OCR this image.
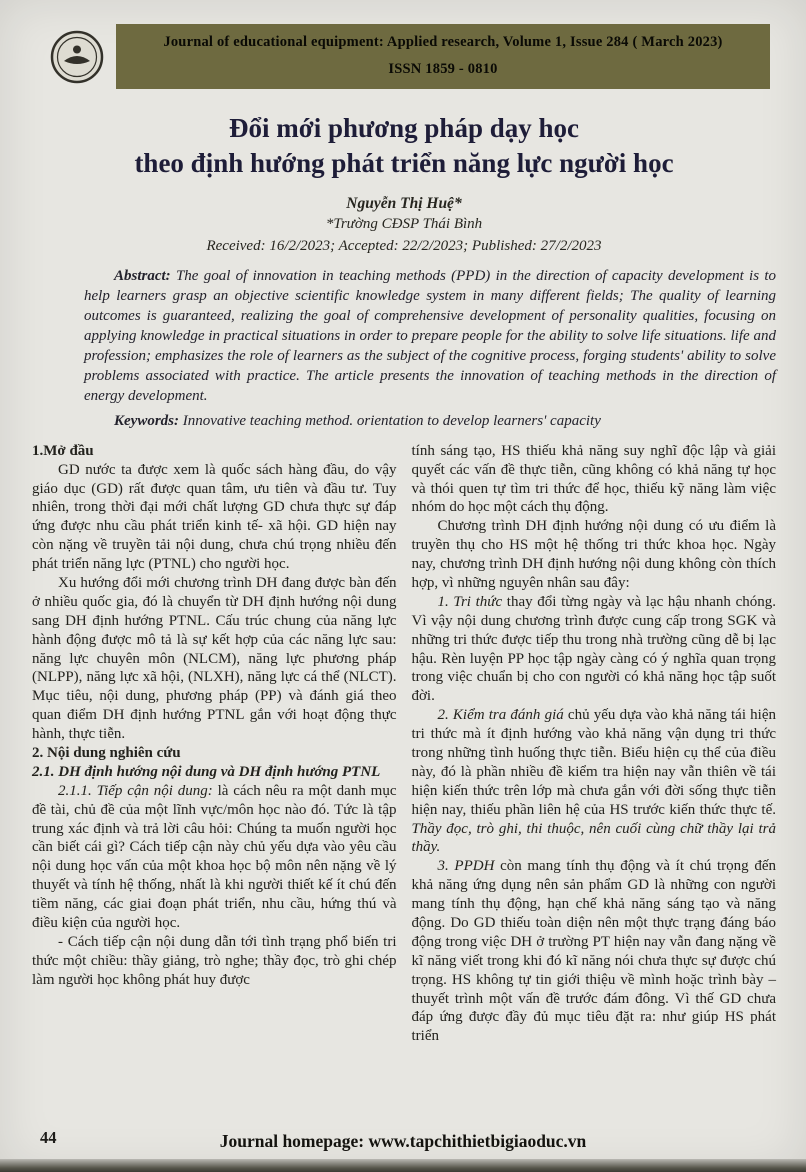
Journal of educational equipment: Applied research, Volume 1, Issue 284 ( March 2023)
ISSN 1859 - 0810
Đổi mới phương pháp dạy học
theo định hướng phát triển năng lực người học
Nguyễn Thị Huệ*
*Trường CĐSP Thái Bình
Received: 16/2/2023; Accepted: 22/2/2023; Published: 27/2/2023
Abstract: The goal of innovation in teaching methods (PPD) in the direction of capacity development is to help learners grasp an objective scientific knowledge system in many different fields; The quality of learning outcomes is guaranteed, realizing the goal of comprehensive development of personality qualities, focusing on applying knowledge in practical situations in order to prepare people for the ability to solve life situations. life and profession; emphasizes the role of learners as the subject of the cognitive process, forging students' ability to solve problems associated with practice. The article presents the innovation of teaching methods in the direction of energy development.
Keywords: Innovative teaching method. orientation to develop learners' capacity

1.Mở đầu

GD nước ta được xem là quốc sách hàng đầu, do vậy giáo dục (GD) rất được quan tâm, ưu tiên và đầu tư. Tuy nhiên, trong thời đại mới chất lượng GD chưa thực sự đáp ứng được nhu cầu phát triển kinh tế- xã hội. GD hiện nay còn nặng về truyền tải nội dung, chưa chú trọng nhiều đến phát triển năng lực (PTNL) cho người học.

Xu hướng đổi mới chương trình DH đang được bàn đến ở nhiều quốc gia, đó là chuyển từ DH định hướng nội dung sang DH định hướng PTNL. Cấu trúc chung của năng lực hành động được mô tả là sự kết hợp của các năng lực sau: năng lực chuyên môn (NLCM), năng lực phương pháp (NLPP), năng lực xã hội, (NLXH), năng lực cá thể (NLCT). Mục tiêu, nội dung, phương pháp (PP) và đánh giá theo quan điểm DH định hướng PTNL gắn với hoạt động thực hành, thực tiễn.

2. Nội dung nghiên cứu

2.1. DH định hướng nội dung và DH định hướng PTNL

2.1.1. Tiếp cận nội dung: là cách nêu ra một danh mục đề tài, chủ đề của một lĩnh vực/môn học nào đó. Tức là tập trung xác định và trả lời câu hỏi: Chúng ta muốn người học cần biết cái gì? Cách tiếp cận này chủ yếu dựa vào yêu cầu nội dung học vấn của một khoa học bộ môn nên nặng về lý thuyết và tính hệ thống, nhất là khi người thiết kế ít chú đến tiềm năng, các giai đoạn phát triển, nhu cầu, hứng thú và điều kiện của người học.

- Cách tiếp cận nội dung dẫn tới tình trạng phổ biến tri thức một chiều: thầy giảng, trò nghe; thầy đọc, trò ghi chép làm người học không phát huy được

tính sáng tạo, HS thiếu khả năng suy nghĩ độc lập và giải quyết các vấn đề thực tiễn, cũng không có khả năng tự học và thói quen tự tìm tri thức để học, thiếu kỹ năng làm việc nhóm do học một cách thụ động.

Chương trình DH định hướng nội dung có ưu điểm là truyền thụ cho HS một hệ thống tri thức khoa học. Ngày nay, chương trình DH định hướng nội dung không còn thích hợp, vì những nguyên nhân sau đây:

1. Tri thức thay đổi từng ngày và lạc hậu nhanh chóng. Vì vậy nội dung chương trình được cung cấp trong SGK và những tri thức được tiếp thu trong nhà trường cũng dễ bị lạc hậu. Rèn luyện PP học tập ngày càng có ý nghĩa quan trọng trong việc chuẩn bị cho con người có khả năng học tập suốt đời.

2. Kiểm tra đánh giá chủ yếu dựa vào khả năng tái hiện tri thức mà ít định hướng vào khả năng vận dụng tri thức trong những tình huống thực tiễn. Biểu hiện cụ thể của điều này, đó là phần nhiều đề kiểm tra hiện nay vẫn thiên về tái hiện kiến thức trên lớp mà chưa gắn với đời sống thực tiễn hiện nay, thiếu phần liên hệ của HS trước kiến thức thực tế. Thầy đọc, trò ghi, thi thuộc, nên cuối cùng chữ thầy lại trả thầy.

3. PPDH còn mang tính thụ động và ít chú trọng đến khả năng ứng dụng nên sản phẩm GD là những con người mang tính thụ động, hạn chế khả năng sáng tạo và năng động. Do GD thiếu toàn diện nên một thực trạng đáng báo động trong việc DH ở trường PT hiện nay vẫn đang nặng về kĩ năng viết trong khi đó kĩ năng nói chưa thực sự được chú trọng. HS không tự tin giới thiệu về mình hoặc trình bày – thuyết trình một vấn đề trước đám đông. Vì thế GD chưa đáp ứng được đầy đủ mục tiêu đặt ra: như giúp HS phát triển

44	Journal homepage: www.tapchithietbigiaoduc.vn
